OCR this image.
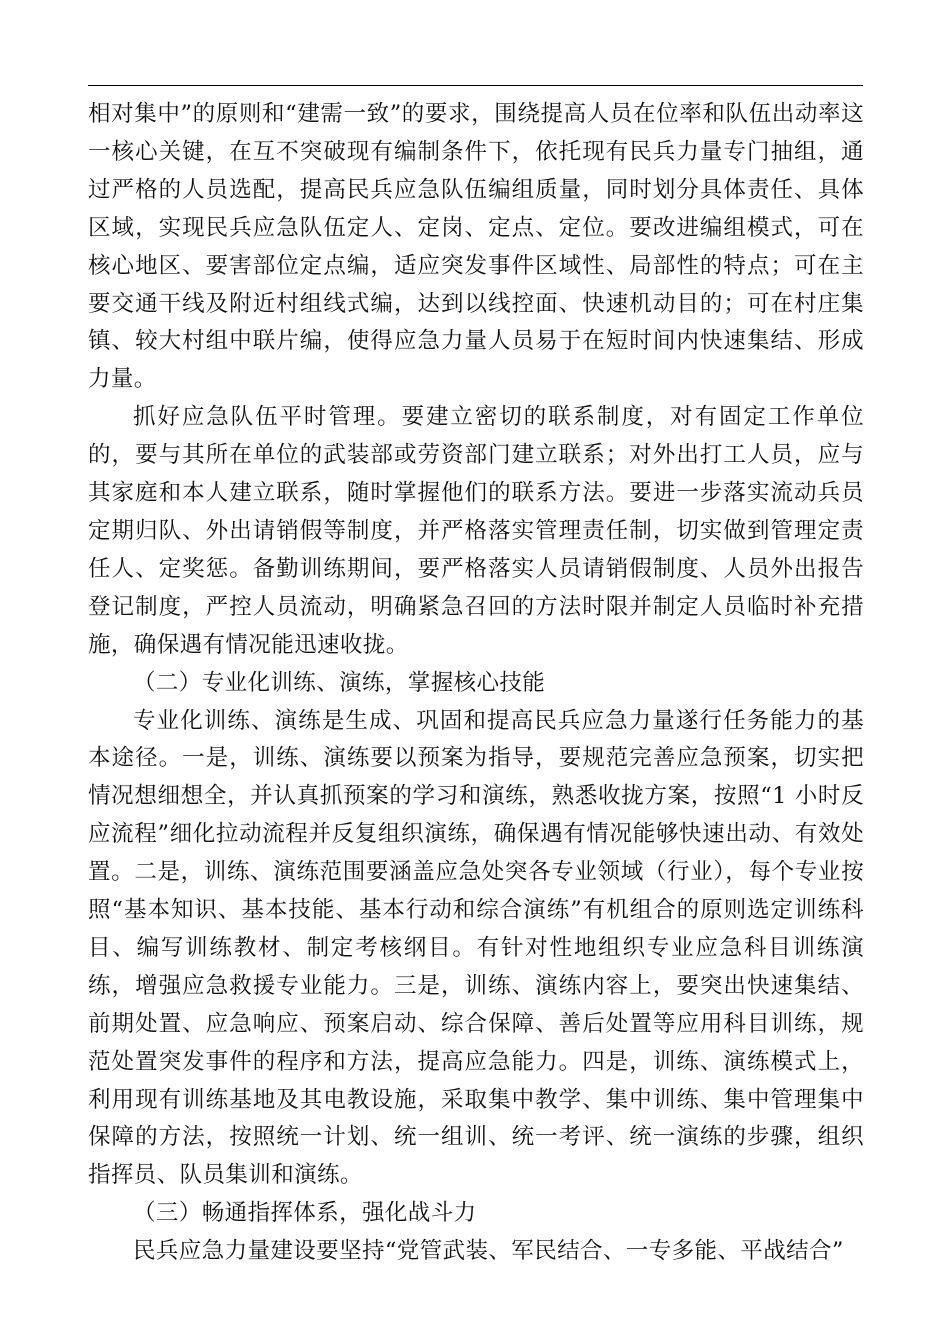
相对集中”的原则和“建需一致”的要求，围绕提高人员在位率和队伍出动率这一核心关键，在互不突破现有编制条件下，依托现有民兵力量专门抽组，通过严格的人员选配，提高民兵应急队伍编组质量，同时划分具体责任、具体区域，实现民兵应急队伍定人、定岗、定点、定位。要改进编组模式，可在核心地区、要害部位定点编，适应突发事件区域性、局部性的特点；可在主要交通干线及附近村组线式编，达到以线控面、快速机动目的；可在村庄集镇、较大村组中联片编，使得应急力量人员易于在短时间内快速集结、形成力量。

抓好应急队伍平时管理。要建立密切的联系制度，对有固定工作单位的，要与其所在单位的武装部或劳资部门建立联系；对外出打工人员，应与其家庭和本人建立联系，随时掌握他们的联系方法。要进一步落实流动兵员定期归队、外出请销假等制度，并严格落实管理责任制，切实做到管理定责任人、定奖惩。备勤训练期间，要严格落实人员请销假制度、人员外出报告登记制度，严控人员流动，明确紧急召回的方法时限并制定人员临时补充措施，确保遇有情况能迅速收拢。

（二）专业化训练、演练，掌握核心技能

专业化训练、演练是生成、巩固和提高民兵应急力量遂行任务能力的基本途径。一是，训练、演练要以预案为指导，要规范完善应急预案，切实把情况想细想全，并认真抓预案的学习和演练，熟悉收拢方案，按照“1 小时反应流程”细化拉动流程并反复组织演练，确保遇有情况能够快速出动、有效处置。二是，训练、演练范围要涵盖应急处突各专业领域（行业），每个专业按照“基本知识、基本技能、基本行动和综合演练”有机组合的原则选定训练科目、编写训练教材、制定考核纲目。有针对性地组织专业应急科目训练演练，增强应急救援专业能力。三是，训练、演练内容上，要突出快速集结、前期处置、应急响应、预案启动、综合保障、善后处置等应用科目训练，规范处置突发事件的程序和方法，提高应急能力。四是，训练、演练模式上，利用现有训练基地及其电教设施，采取集中教学、集中训练、集中管理集中保障的方法，按照统一计划、统一组训、统一考评、统一演练的步骤，组织指挥员、队员集训和演练。

（三）畅通指挥体系，强化战斗力

民兵应急力量建设要坚持“党管武装、军民结合、一专多能、平战结合”
